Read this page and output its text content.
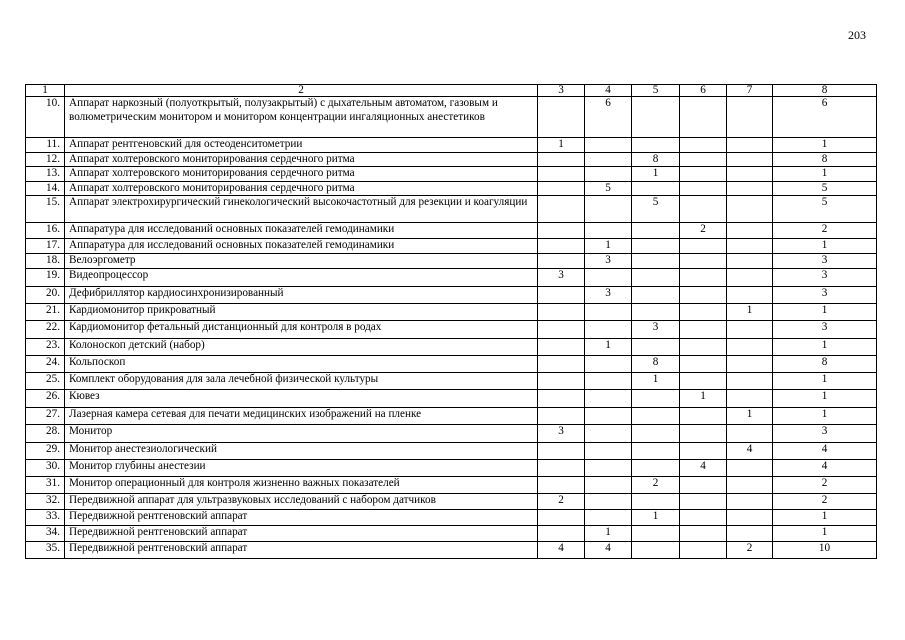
203
1	2	3	4	5	6	7	8
10.	Аппарат наркозный (полуоткрытый, полузакрытый) с дыхательным автоматом, газовым и волюметрическим монитором и монитором концентрации ингаляционных анестетиков		6				6
11.	Аппарат рентгеновский для остеоденситометрии	1					1
12.	Аппарат холтеровского мониторирования сердечного ритма			8			8
13.	Аппарат холтеровского мониторирования сердечного ритма			1			1
14.	Аппарат холтеровского мониторирования сердечного ритма		5				5
15.	Аппарат электрохирургический гинекологический высокочастотный для резекции и коагуляции			5			5
16.	Аппаратура для исследований основных показателей гемодинамики				2		2
17.	Аппаратура для исследований основных показателей гемодинамики		1				1
18.	Велоэргометр		3				3
19.	Видеопроцессор	3					3
20.	Дефибриллятор кардиосинхронизированный		3				3
21.	Кардиомонитор прикроватный					1	1
22.	Кардиомонитор фетальный дистанционный для контроля в родах			3			3
23.	Колоноскоп детский (набор)		1				1
24.	Кольпоскоп			8			8
25.	Комплект оборудования для зала лечебной физической культуры			1			1
26.	Кювез				1		1
27.	Лазерная камера сетевая для печати медицинских изображений на пленке					1	1
28.	Монитор	3					3
29.	Монитор анестезиологический					4	4
30.	Монитор глубины анестезии				4		4
31.	Монитор операционный для контроля жизненно важных показателей			2			2
32.	Передвижной аппарат для ультразвуковых исследований с набором датчиков	2					2
33.	Передвижной рентгеновский аппарат			1			1
34.	Передвижной рентгеновский аппарат		1				1
35.	Передвижной рентгеновский аппарат	4	4			2	10
